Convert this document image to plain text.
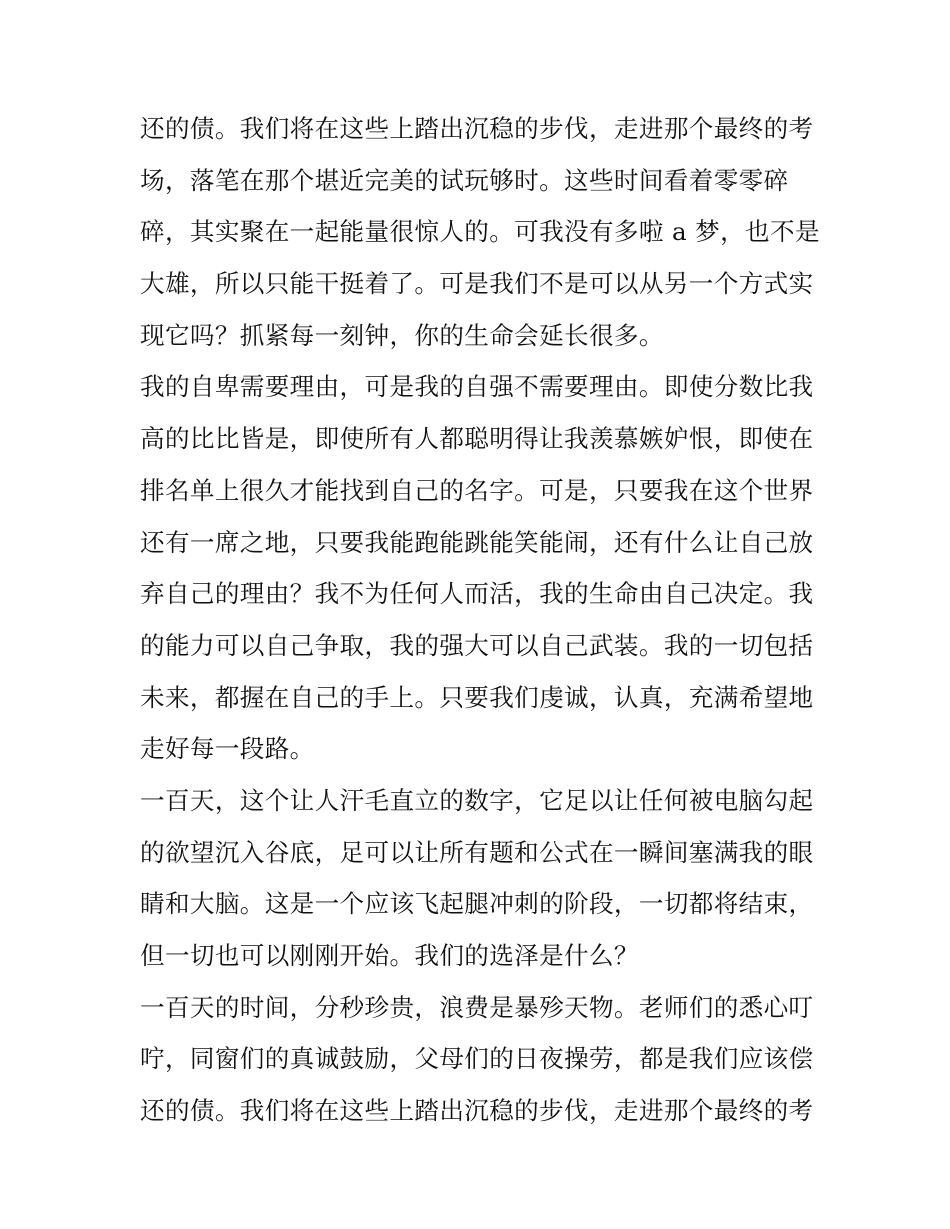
还的债。我们将在这些上踏出沉稳的步伐，走进那个最终的考
场，落笔在那个堪近完美的试玩够时。这些时间看着零零碎
碎，其实聚在一起能量很惊人的。可我没有多啦 a 梦，也不是
大雄，所以只能干挺着了。可是我们不是可以从另一个方式实
现它吗？抓紧每一刻钟，你的生命会延长很多。
我的自卑需要理由，可是我的自强不需要理由。即使分数比我
高的比比皆是，即使所有人都聪明得让我羡慕嫉妒恨，即使在
排名单上很久才能找到自己的名字。可是，只要我在这个世界
还有一席之地，只要我能跑能跳能笑能闹，还有什么让自己放
弃自己的理由？我不为任何人而活，我的生命由自己决定。我
的能力可以自己争取，我的强大可以自己武装。我的一切包括
未来，都握在自己的手上。只要我们虔诚，认真，充满希望地
走好每一段路。
一百天，这个让人汗毛直立的数字，它足以让任何被电脑勾起
的欲望沉入谷底，足可以让所有题和公式在一瞬间塞满我的眼
睛和大脑。这是一个应该飞起腿冲刺的阶段，一切都将结束，
但一切也可以刚刚开始。我们的选泽是什么？
一百天的时间，分秒珍贵，浪费是暴殄天物。老师们的悉心叮
咛，同窗们的真诚鼓励，父母们的日夜操劳，都是我们应该偿
还的债。我们将在这些上踏出沉稳的步伐，走进那个最终的考
